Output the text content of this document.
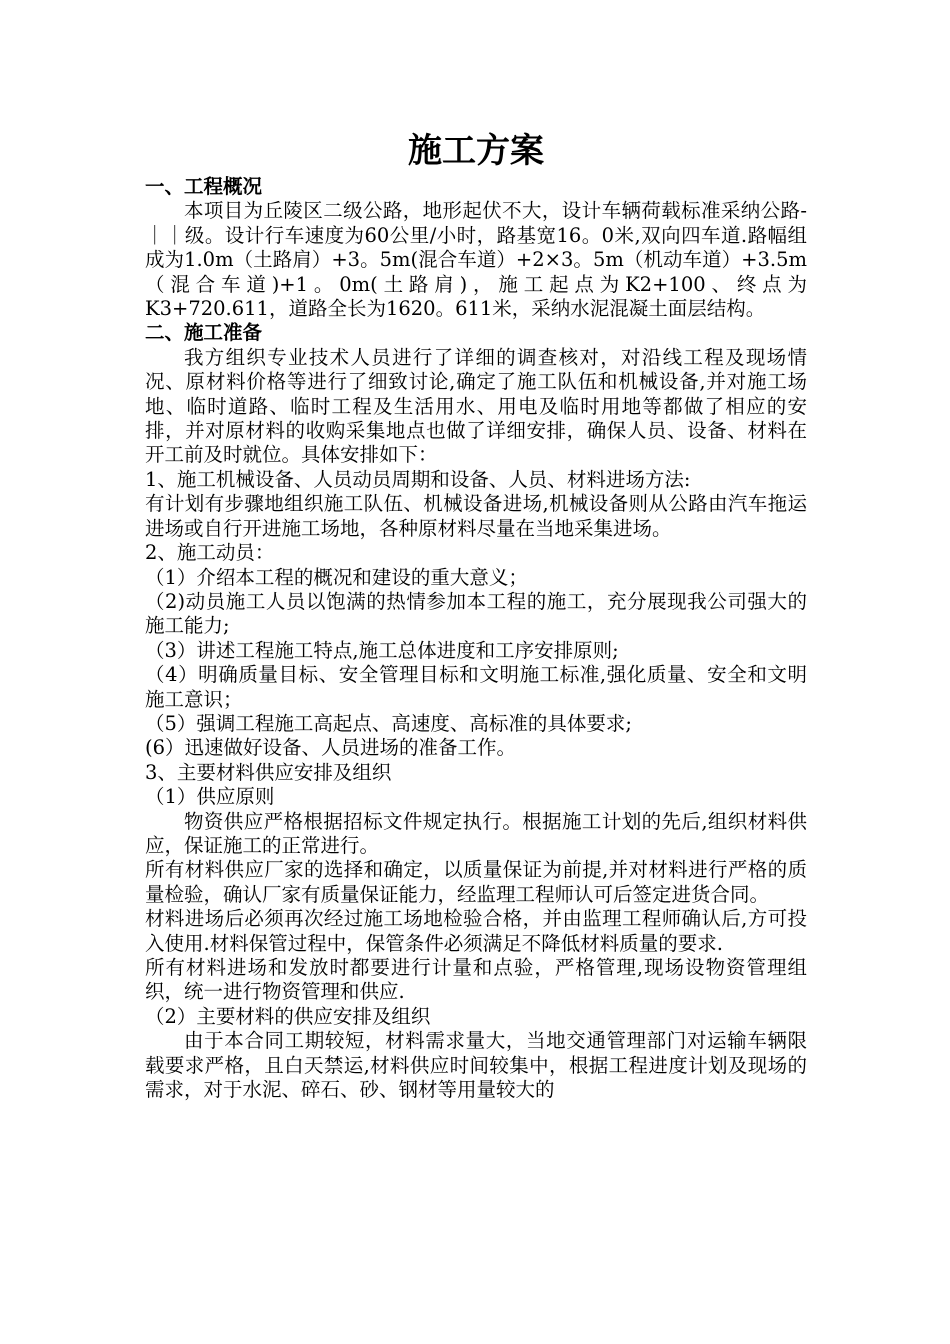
施工方案

一、工程概况

本项目为丘陵区二级公路，地形起伏不大，设计车辆荷载标准采纳公路-｜｜级。设计行车速度为60公里/小时，路基宽16。0米,双向四车道.路幅组成为1.0m（土路肩）+3。5m(混合车道）+2×3。5m（机动车道）+3.5m（混合车道)+1。0m(土路肩)，施工起点为K2+100、终点为K3+720.611，道路全长为1620。611米，采纳水泥混凝土面层结构。

二、施工准备

我方组织专业技术人员进行了详细的调查核对，对沿线工程及现场情况、原材料价格等进行了细致讨论,确定了施工队伍和机械设备,并对施工场地、临时道路、临时工程及生活用水、用电及临时用地等都做了相应的安排，并对原材料的收购采集地点也做了详细安排，确保人员、设备、材料在开工前及时就位。具体安排如下：

1、施工机械设备、人员动员周期和设备、人员、材料进场方法:

有计划有步骤地组织施工队伍、机械设备进场,机械设备则从公路由汽车拖运进场或自行开进施工场地，各种原材料尽量在当地采集进场。

2、施工动员：

（1）介绍本工程的概况和建设的重大意义；

（2)动员施工人员以饱满的热情参加本工程的施工，充分展现我公司强大的施工能力;

（3）讲述工程施工特点,施工总体进度和工序安排原则;

（4）明确质量目标、安全管理目标和文明施工标准,强化质量、安全和文明施工意识；

（5）强调工程施工高起点、高速度、高标准的具体要求;

(6）迅速做好设备、人员进场的准备工作。

3、主要材料供应安排及组织

（1）供应原则

物资供应严格根据招标文件规定执行。根据施工计划的先后,组织材料供应，保证施工的正常进行。

所有材料供应厂家的选择和确定，以质量保证为前提,并对材料进行严格的质量检验，确认厂家有质量保证能力，经监理工程师认可后签定进货合同。

材料进场后必须再次经过施工场地检验合格，并由监理工程师确认后,方可投入使用.材料保管过程中，保管条件必须满足不降低材料质量的要求.

所有材料进场和发放时都要进行计量和点验，严格管理,现场设物资管理组织，统一进行物资管理和供应.

（2）主要材料的供应安排及组织

由于本合同工期较短，材料需求量大，当地交通管理部门对运输车辆限载要求严格，且白天禁运,材料供应时间较集中，根据工程进度计划及现场的需求，对于水泥、碎石、砂、钢材等用量较大的
